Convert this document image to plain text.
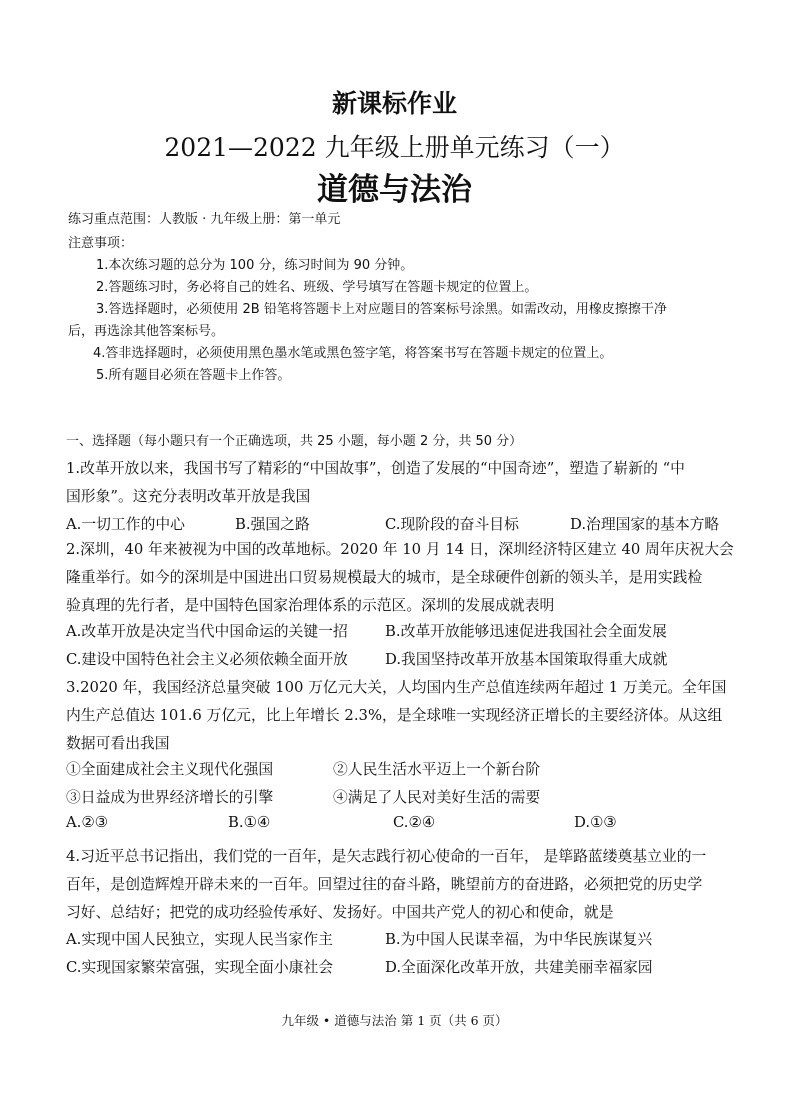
新课标作业
2021—2022 九年级上册单元练习（一）
道德与法治
练习重点范围：人教版 · 九年级上册：第一单元
注意事项：
1.本次练习题的总分为 100 分，练习时间为 90 分钟。
2.答题练习时，务必将自己的姓名、班级、学号填写在答题卡规定的位置上。
3.答选择题时，必须使用 2B 铅笔将答题卡上对应题目的答案标号涂黑。如需改动，用橡皮擦擦干净
后，再选涂其他答案标号。
4.答非选择题时，必须使用黑色墨水笔或黑色签字笔，将答案书写在答题卡规定的位置上。
5.所有题目必须在答题卡上作答。
一、选择题（每小题只有一个正确选项，共 25 小题，每小题 2 分，共 50 分）
1.改革开放以来，我国书写了精彩的“中国故事”，创造了发展的“中国奇迹”，塑造了崭新的 “中
国形象”。这充分表明改革开放是我国
A.一切工作的中心	B.强国之路	C.现阶段的奋斗目标	D.治理国家的基本方略
2.深圳，40 年来被视为中国的改革地标。2020 年 10 月 14 日，深圳经济特区建立 40 周年庆祝大会
隆重举行。如今的深圳是中国进出口贸易规模最大的城市，是全球硬件创新的领头羊，是用实践检
验真理的先行者，是中国特色国家治理体系的示范区。深圳的发展成就表明
A.改革开放是决定当代中国命运的关键一招	B.改革开放能够迅速促进我国社会全面发展
C.建设中国特色社会主义必须依赖全面开放	D.我国坚持改革开放基本国策取得重大成就
3.2020 年，我国经济总量突破 100 万亿元大关，人均国内生产总值连续两年超过 1 万美元。全年国
内生产总值达 101.6 万亿元，比上年增长 2.3%，是全球唯一实现经济正增长的主要经济体。从这组
数据可看出我国
①全面建成社会主义现代化强国	②人民生活水平迈上一个新台阶
③日益成为世界经济增长的引擎	④满足了人民对美好生活的需要
A.②③	B.①④	C.②④	D.①③
4.习近平总书记指出，我们党的一百年，是矢志践行初心使命的一百年， 是筚路蓝缕奠基立业的一
百年，是创造辉煌开辟未来的一百年。回望过往的奋斗路，眺望前方的奋进路，必须把党的历史学
习好、总结好；把党的成功经验传承好、发扬好。中国共产党人的初心和使命，就是
A.实现中国人民独立，实现人民当家作主	B.为中国人民谋幸福，为中华民族谋复兴
C.实现国家繁荣富强，实现全面小康社会	D.全面深化改革开放，共建美丽幸福家园
九年级 • 道德与法治 第 1 页（共 6 页）
